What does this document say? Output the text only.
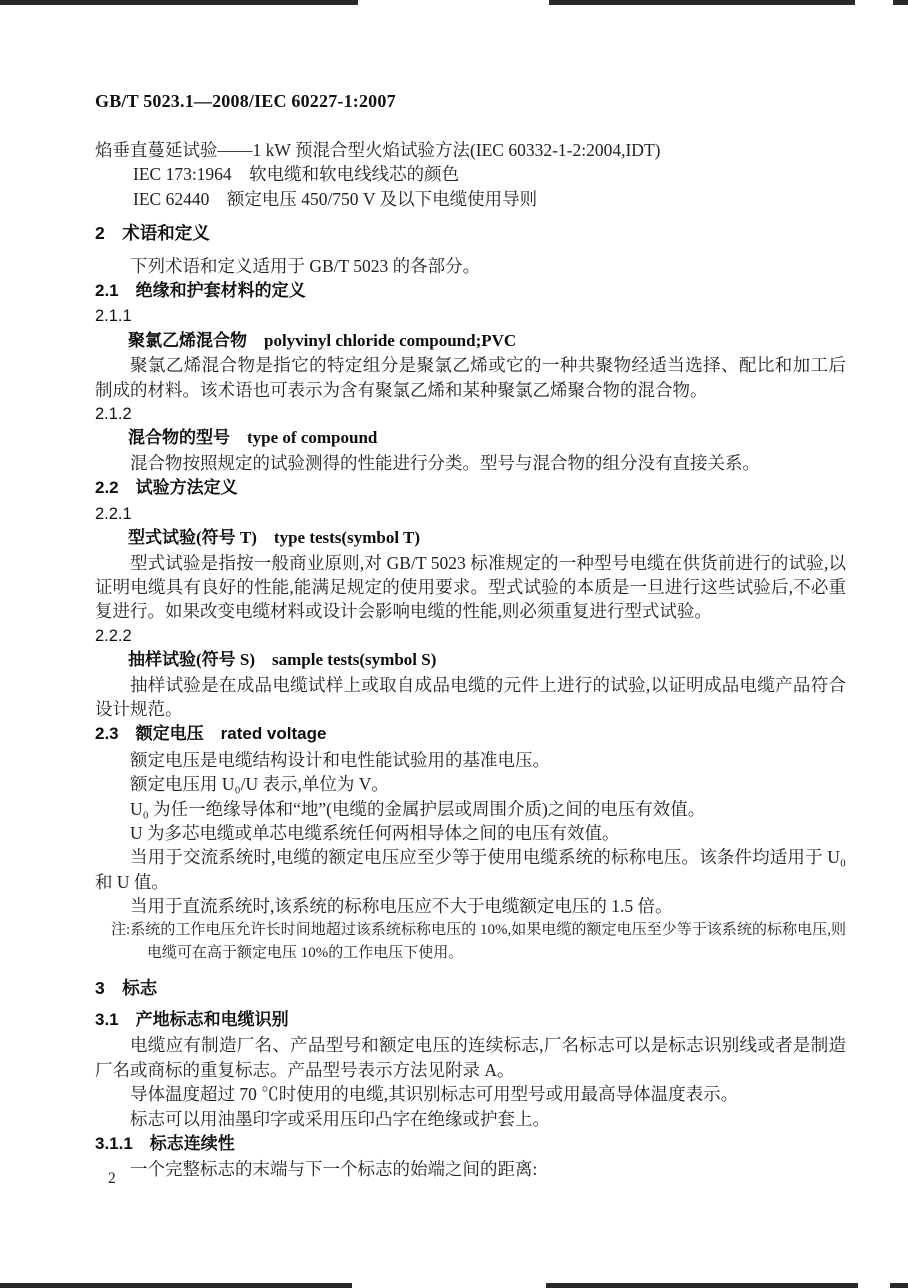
GB/T 5023.1—2008/IEC 60227-1:2007

焰垂直蔓延试验——1 kW 预混合型火焰试验方法(IEC 60332-1-2:2004,IDT)

IEC 173:1964　软电缆和软电线线芯的颜色

IEC 62440　额定电压 450/750 V 及以下电缆使用导则

2　术语和定义

下列术语和定义适用于 GB/T 5023 的各部分。

2.1　绝缘和护套材料的定义
2.1.1

聚氯乙烯混合物　polyvinyl chloride compound;PVC

聚氯乙烯混合物是指它的特定组分是聚氯乙烯或它的一种共聚物经适当选择、配比和加工后制成的材料。该术语也可表示为含有聚氯乙烯和某种聚氯乙烯聚合物的混合物。

2.1.2

混合物的型号　type of compound

混合物按照规定的试验测得的性能进行分类。型号与混合物的组分没有直接关系。

2.2　试验方法定义
2.2.1

型式试验(符号 T)　type tests(symbol T)

型式试验是指按一般商业原则,对 GB/T 5023 标准规定的一种型号电缆在供货前进行的试验,以证明电缆具有良好的性能,能满足规定的使用要求。型式试验的本质是一旦进行这些试验后,不必重复进行。如果改变电缆材料或设计会影响电缆的性能,则必须重复进行型式试验。

2.2.2

抽样试验(符号 S)　sample tests(symbol S)

抽样试验是在成品电缆试样上或取自成品电缆的元件上进行的试验,以证明成品电缆产品符合设计规范。

2.3　额定电压　rated voltage

额定电压是电缆结构设计和电性能试验用的基准电压。

额定电压用 U₀/U 表示,单位为 V。

U₀ 为任一绝缘导体和“地”(电缆的金属护层或周围介质)之间的电压有效值。

U 为多芯电缆或单芯电缆系统任何两相导体之间的电压有效值。

当用于交流系统时,电缆的额定电压应至少等于使用电缆系统的标称电压。该条件均适用于 U₀ 和 U 值。

当用于直流系统时,该系统的标称电压应不大于电缆额定电压的 1.5 倍。

注:系统的工作电压允许长时间地超过该系统标称电压的 10%,如果电缆的额定电压至少等于该系统的标称电压,则电缆可在高于额定电压 10%的工作电压下使用。

3　标志
3.1　产地标志和电缆识别

电缆应有制造厂名、产品型号和额定电压的连续标志,厂名标志可以是标志识别线或者是制造厂名或商标的重复标志。产品型号表示方法见附录 A。

导体温度超过 70 ℃时使用的电缆,其识别标志可用型号或用最高导体温度表示。

标志可以用油墨印字或采用压印凸字在绝缘或护套上。

3.1.1　标志连续性

一个完整标志的末端与下一个标志的始端之间的距离:

2
